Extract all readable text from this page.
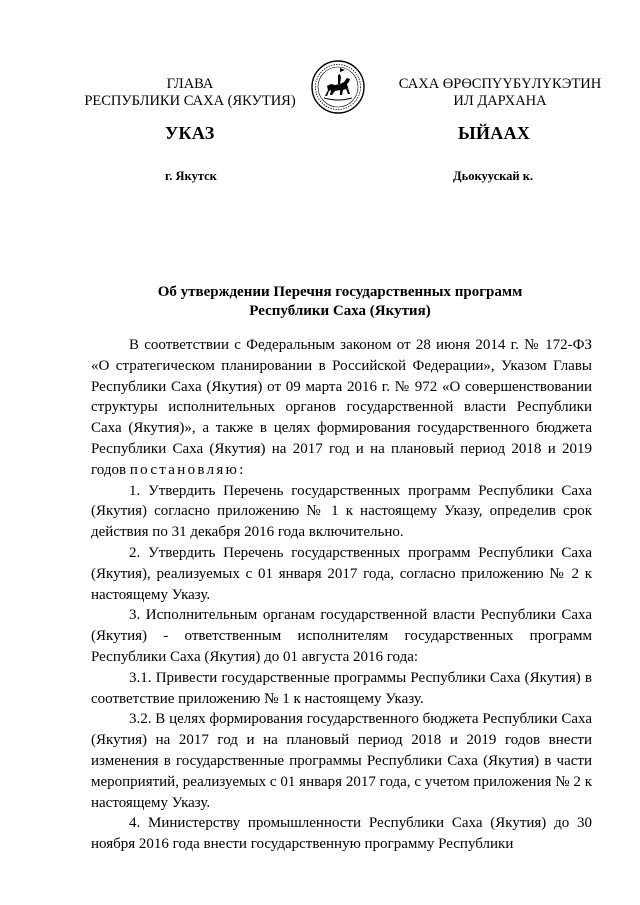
ГЛАВА
РЕСПУБЛИКИ САХА (ЯКУТИЯ)
САХА ӨРӨСПҮҮБҮЛҮКЭТИН
ИЛ ДАРХАНА
УКАЗ	ЫЙААХ
г. Якутск	Дьокуускай к.
Об утверждении Перечня государственных программ
Республики Саха (Якутия)

В соответствии с Федеральным законом от 28 июня 2014 г. № 172-ФЗ «О стратегическом планировании в Российской Федерации», Указом Главы Республики Саха (Якутия) от 09 марта 2016 г. № 972 «О совершенствовании структуры исполнительных органов государственной власти Республики Саха (Якутия)», а также в целях формирования государственного бюджета Республики Саха (Якутия) на 2017 год и на плановый период 2018 и 2019 годов постановляю:

1. Утвердить Перечень государственных программ Республики Саха (Якутия) согласно приложению № 1 к настоящему Указу, определив срок действия по 31 декабря 2016 года включительно.

2. Утвердить Перечень государственных программ Республики Саха (Якутия), реализуемых с 01 января 2017 года, согласно приложению № 2 к настоящему Указу.

3. Исполнительным органам государственной власти Республики Саха (Якутия) - ответственным исполнителям государственных программ Республики Саха (Якутия) до 01 августа 2016 года:

3.1. Привести государственные программы Республики Саха (Якутия) в соответствие приложению № 1 к настоящему Указу.

3.2. В целях формирования государственного бюджета Республики Саха (Якутия) на 2017 год и на плановый период 2018 и 2019 годов внести изменения в государственные программы Республики Саха (Якутия) в части мероприятий, реализуемых с 01 января 2017 года, с учетом приложения № 2 к настоящему Указу.

4. Министерству промышленности Республики Саха (Якутия) до 30 ноября 2016 года внести государственную программу Республики
